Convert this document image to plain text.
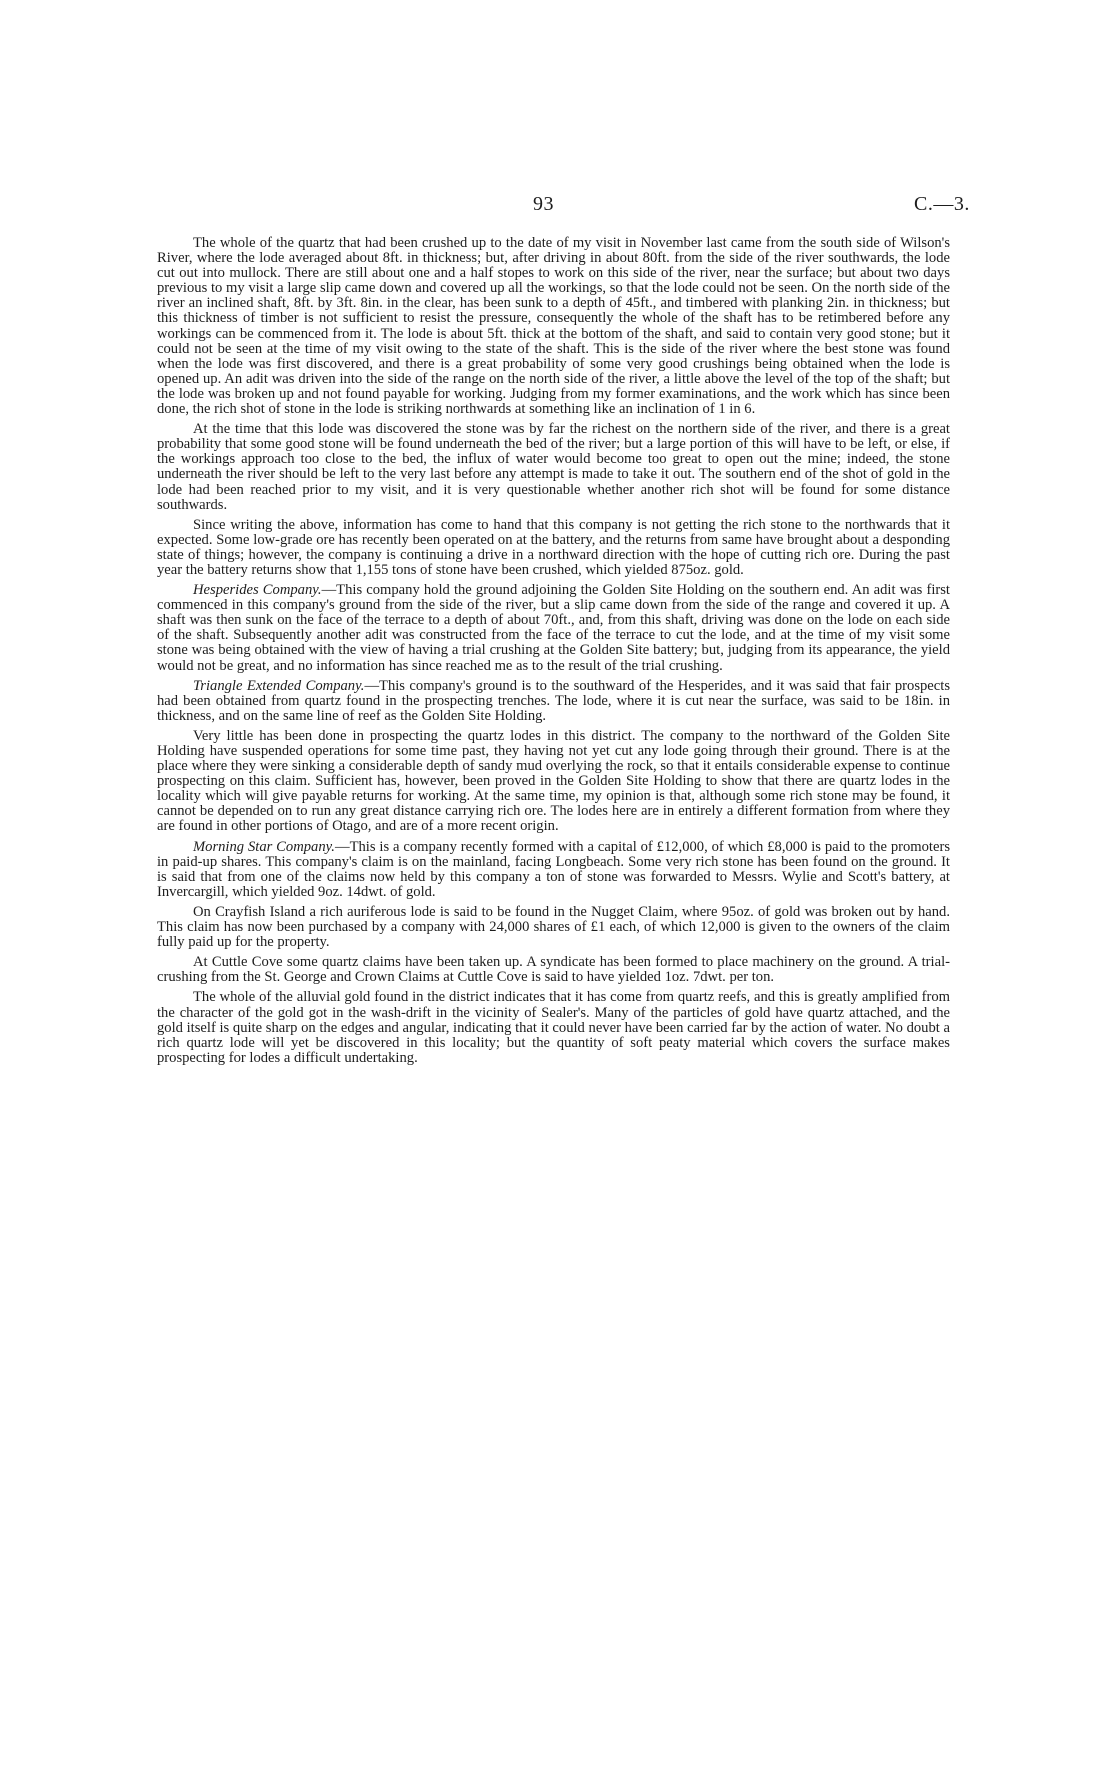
93	C.—3.

The whole of the quartz that had been crushed up to the date of my visit in November last came from the south side of Wilson's River, where the lode averaged about 8ft. in thickness; but, after driving in about 80ft. from the side of the river southwards, the lode cut out into mullock. There are still about one and a half stopes to work on this side of the river, near the surface; but about two days previous to my visit a large slip came down and covered up all the workings, so that the lode could not be seen. On the north side of the river an inclined shaft, 8ft. by 3ft. 8in. in the clear, has been sunk to a depth of 45ft., and timbered with planking 2in. in thickness; but this thickness of timber is not sufficient to resist the pressure, consequently the whole of the shaft has to be retimbered before any workings can be commenced from it. The lode is about 5ft. thick at the bottom of the shaft, and said to contain very good stone; but it could not be seen at the time of my visit owing to the state of the shaft. This is the side of the river where the best stone was found when the lode was first discovered, and there is a great probability of some very good crushings being obtained when the lode is opened up. An adit was driven into the side of the range on the north side of the river, a little above the level of the top of the shaft; but the lode was broken up and not found payable for working. Judging from my former examinations, and the work which has since been done, the rich shot of stone in the lode is striking northwards at something like an inclination of 1 in 6.

At the time that this lode was discovered the stone was by far the richest on the northern side of the river, and there is a great probability that some good stone will be found underneath the bed of the river; but a large portion of this will have to be left, or else, if the workings approach too close to the bed, the influx of water would become too great to open out the mine; indeed, the stone underneath the river should be left to the very last before any attempt is made to take it out. The southern end of the shot of gold in the lode had been reached prior to my visit, and it is very questionable whether another rich shot will be found for some distance southwards.

Since writing the above, information has come to hand that this company is not getting the rich stone to the northwards that it expected. Some low-grade ore has recently been operated on at the battery, and the returns from same have brought about a desponding state of things; however, the company is continuing a drive in a northward direction with the hope of cutting rich ore. During the past year the battery returns show that 1,155 tons of stone have been crushed, which yielded 875oz. gold.

Hesperides Company.—This company hold the ground adjoining the Golden Site Holding on the southern end. An adit was first commenced in this company's ground from the side of the river, but a slip came down from the side of the range and covered it up. A shaft was then sunk on the face of the terrace to a depth of about 70ft., and, from this shaft, driving was done on the lode on each side of the shaft. Subsequently another adit was constructed from the face of the terrace to cut the lode, and at the time of my visit some stone was being obtained with the view of having a trial crushing at the Golden Site battery; but, judging from its appearance, the yield would not be great, and no information has since reached me as to the result of the trial crushing.

Triangle Extended Company.—This company's ground is to the southward of the Hesperides, and it was said that fair prospects had been obtained from quartz found in the prospecting trenches. The lode, where it is cut near the surface, was said to be 18in. in thickness, and on the same line of reef as the Golden Site Holding.

Very little has been done in prospecting the quartz lodes in this district. The company to the northward of the Golden Site Holding have suspended operations for some time past, they having not yet cut any lode going through their ground. There is at the place where they were sinking a considerable depth of sandy mud overlying the rock, so that it entails considerable expense to continue prospecting on this claim. Sufficient has, however, been proved in the Golden Site Holding to show that there are quartz lodes in the locality which will give payable returns for working. At the same time, my opinion is that, although some rich stone may be found, it cannot be depended on to run any great distance carrying rich ore. The lodes here are in entirely a different formation from where they are found in other portions of Otago, and are of a more recent origin.

Morning Star Company.—This is a company recently formed with a capital of £12,000, of which £8,000 is paid to the promoters in paid-up shares. This company's claim is on the mainland, facing Longbeach. Some very rich stone has been found on the ground. It is said that from one of the claims now held by this company a ton of stone was forwarded to Messrs. Wylie and Scott's battery, at Invercargill, which yielded 9oz. 14dwt. of gold.

On Crayfish Island a rich auriferous lode is said to be found in the Nugget Claim, where 95oz. of gold was broken out by hand. This claim has now been purchased by a company with 24,000 shares of £1 each, of which 12,000 is given to the owners of the claim fully paid up for the property.

At Cuttle Cove some quartz claims have been taken up. A syndicate has been formed to place machinery on the ground. A trial-crushing from the St. George and Crown Claims at Cuttle Cove is said to have yielded 1oz. 7dwt. per ton.

The whole of the alluvial gold found in the district indicates that it has come from quartz reefs, and this is greatly amplified from the character of the gold got in the wash-drift in the vicinity of Sealer's. Many of the particles of gold have quartz attached, and the gold itself is quite sharp on the edges and angular, indicating that it could never have been carried far by the action of water. No doubt a rich quartz lode will yet be discovered in this locality; but the quantity of soft peaty material which covers the surface makes prospecting for lodes a difficult undertaking.
